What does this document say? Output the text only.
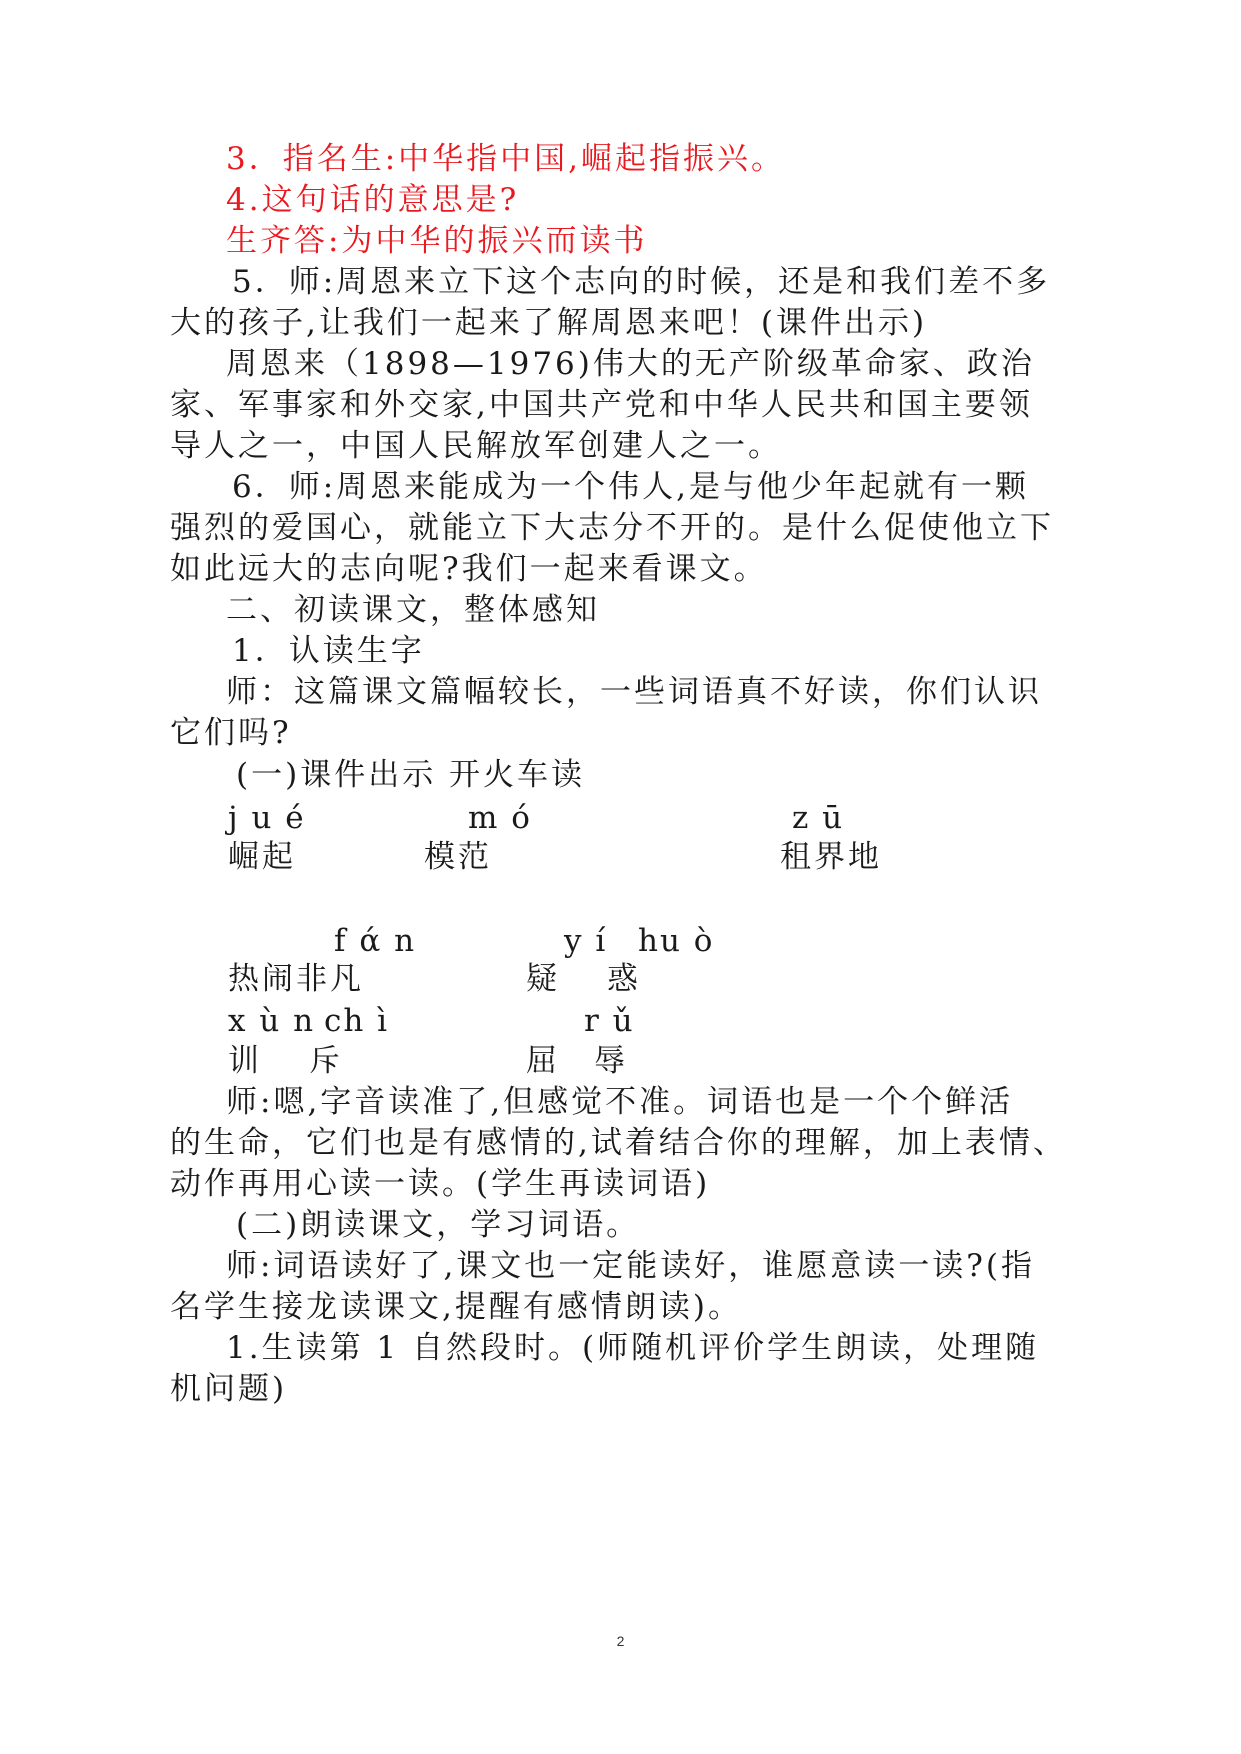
3．指名生:中华指中国,崛起指振兴。
4.这句话的意思是?
生齐答:为中华的振兴而读书
5．师:周恩来立下这个志向的时候，还是和我们差不多
大的孩子,让我们一起来了解周恩来吧！(课件出示)
周恩来（1898—1976)伟大的无产阶级革命家、政治
家、军事家和外交家,中国共产党和中华人民共和国主要领
导人之一，中国人民解放军创建人之一。
6．师:周恩来能成为一个伟人,是与他少年起就有一颗
强烈的爱国心，就能立下大志分不开的。是什么促使他立下
如此远大的志向呢?我们一起来看课文。
二、初读课文，整体感知
1．认读生字
师：这篇课文篇幅较长，一些词语真不好读，你们认识
它们吗?
(一)课件出示 开火车读
j u é	m ó	z ū
崛起	模范	租界地
f ά n	y í hu ò
热闹非凡	疑　 惑
x ù n ch ì	r ǔ
训　 斥	屈　辱
师:嗯,字音读准了,但感觉不准。词语也是一个个鲜活
的生命，它们也是有感情的,试着结合你的理解，加上表情、
动作再用心读一读。(学生再读词语)
(二)朗读课文，学习词语。
师:词语读好了,课文也一定能读好，谁愿意读一读?(指
名学生接龙读课文,提醒有感情朗读)。
1.生读第 1 自然段时。(师随机评价学生朗读，处理随
机问题)
2
